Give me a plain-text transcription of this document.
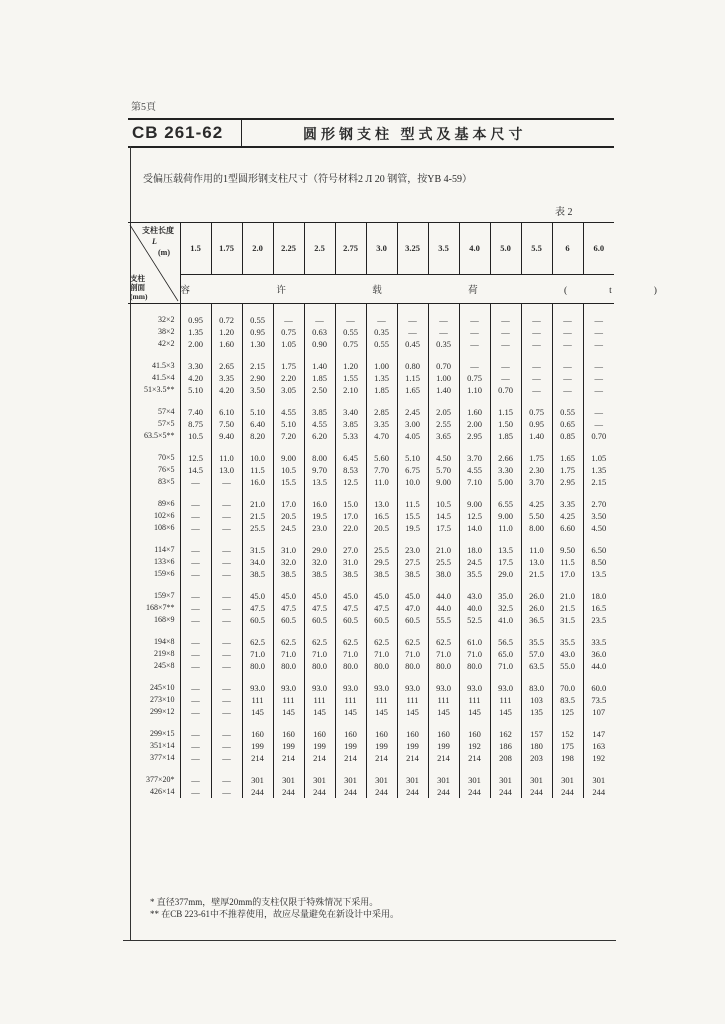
第5頁
CB 261-62	圆形钢支柱 型式及基本尺寸
受偏压载荷作用的1型圆形钢支柱尺寸（符号材料2 Л 20 钢管，按YB 4-59）
表 2
支柱长度
L
(m)
支柱剖面
(mm)	1.5	1.75	2.0	2.25	2.5	2.75	3.0	3.25	3.5	4.0	5.0	5.5	6	6.0
	容 许 载 荷 (t)													

32×2	0.95	0.72	0.55	—	—	—	—	—	—	—	—	—	—	—
38×2	1.35	1.20	0.95	0.75	0.63	0.55	0.35	—	—	—	—	—	—	—
42×2	2.00	1.60	1.30	1.05	0.90	0.75	0.55	0.45	0.35	—	—	—	—	—

41.5×3	3.30	2.65	2.15	1.75	1.40	1.20	1.00	0.80	0.70	—	—	—	—	—
41.5×4	4.20	3.35	2.90	2.20	1.85	1.55	1.35	1.15	1.00	0.75	—	—	—	—
51×3.5**	5.10	4.20	3.50	3.05	2.50	2.10	1.85	1.65	1.40	1.10	0.70	—	—	—

57×4	7.40	6.10	5.10	4.55	3.85	3.40	2.85	2.45	2.05	1.60	1.15	0.75	0.55	—
57×5	8.75	7.50	6.40	5.10	4.55	3.85	3.35	3.00	2.55	2.00	1.50	0.95	0.65	—
63.5×5**	10.5	9.40	8.20	7.20	6.20	5.33	4.70	4.05	3.65	2.95	1.85	1.40	0.85	0.70

70×5	12.5	11.0	10.0	9.00	8.00	6.45	5.60	5.10	4.50	3.70	2.66	1.75	1.65	1.05
76×5	14.5	13.0	11.5	10.5	9.70	8.53	7.70	6.75	5.70	4.55	3.30	2.30	1.75	1.35
83×5	—	—	16.0	15.5	13.5	12.5	11.0	10.0	9.00	7.10	5.00	3.70	2.95	2.15

89×6	—	—	21.0	17.0	16.0	15.0	13.0	11.5	10.5	9.00	6.55	4.25	3.35	2.70
102×6	—	—	21.5	20.5	19.5	17.0	16.5	15.5	14.5	12.5	9.00	5.50	4.25	3.50
108×6	—	—	25.5	24.5	23.0	22.0	20.5	19.5	17.5	14.0	11.0	8.00	6.60	4.50

114×7	—	—	31.5	31.0	29.0	27.0	25.5	23.0	21.0	18.0	13.5	11.0	9.50	6.50
133×6	—	—	34.0	32.0	32.0	31.0	29.5	27.5	25.5	24.5	17.5	13.0	11.5	8.50
159×6	—	—	38.5	38.5	38.5	38.5	38.5	38.5	38.0	35.5	29.0	21.5	17.0	13.5

159×7	—	—	45.0	45.0	45.0	45.0	45.0	45.0	44.0	43.0	35.0	26.0	21.0	18.0
168×7**	—	—	47.5	47.5	47.5	47.5	47.5	47.0	44.0	40.0	32.5	26.0	21.5	16.5
168×9	—	—	60.5	60.5	60.5	60.5	60.5	60.5	55.5	52.5	41.0	36.5	31.5	23.5

194×8	—	—	62.5	62.5	62.5	62.5	62.5	62.5	62.5	61.0	56.5	35.5	35.5	33.5
219×8	—	—	71.0	71.0	71.0	71.0	71.0	71.0	71.0	71.0	65.0	57.0	43.0	36.0
245×8	—	—	80.0	80.0	80.0	80.0	80.0	80.0	80.0	80.0	71.0	63.5	55.0	44.0

245×10	—	—	93.0	93.0	93.0	93.0	93.0	93.0	93.0	93.0	93.0	83.0	70.0	60.0
273×10	—	—	111	111	111	111	111	111	111	111	111	103	83.5	73.5
299×12	—	—	145	145	145	145	145	145	145	145	145	135	125	107

299×15	—	—	160	160	160	160	160	160	160	160	162	157	152	147
351×14	—	—	199	199	199	199	199	199	199	192	186	180	175	163
377×14	—	—	214	214	214	214	214	214	214	214	208	203	198	192

377×20*	—	—	301	301	301	301	301	301	301	301	301	301	301	301
426×14	—	—	244	244	244	244	244	244	244	244	244	244	244	244
* 直径377mm，壁厚20mm的支柱仅限于特殊情况下采用。
** 在CB 223-61中不推荐使用，故应尽量避免在新设计中采用。
